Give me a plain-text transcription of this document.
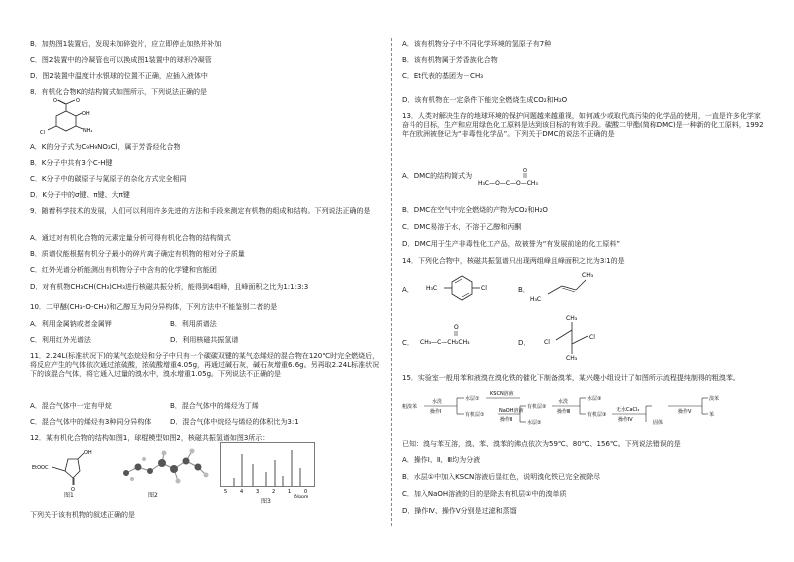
B．加热图1装置后，发现未加碎瓷片，应立即停止加热并补加
C．图2装置中的冷凝管也可以换成图1装置中的球形冷凝管
D．图2装置中温度计水银球的位置不正确，应插入液体中
8．有机化合物K的结构简式如图所示，下列说法正确的是
O
O
OH
NH₂
Cl
A．K的分子式为C₉H₉NO₃Cl，属于芳香烃化合物
B．K分子中共有3个C-H键
C．K分子中的碳原子与氮原子的杂化方式完全相同
D．K分子中的σ键、π键、大π键
9．随着科学技术的发展，人们可以利用许多先进的方法和手段来测定有机物的组成和结构。下列说法正确的是
A．通过对有机化合物的元素定量分析可得有机化合物的结构简式
B．质谱仪能根据有机分子最小的碎片离子确定有机物的相对分子质量
C．红外光谱分析能测出有机物分子中含有的化学键和官能团
D．对有机物CH₃CH(CH₃)CH₃进行核磁共振分析，能得到4组峰，且峰面积之比为1:1:3:3
10．二甲醚(CH₃-O-CH₃)和乙醇互为同分异构体，下列方法中不能鉴别二者的是
A．利用金属钠或者金属钾	B．利用质谱法
C．利用红外光谱法	D．利用核磁共振氢谱
11．2.24L(标准状况下)的某气态烷烃和分子中只有一个碳碳双键的某气态烯烃的混合物在120℃时完全燃烧后，将反应产生的气体依次通过浓硫酸，浓硫酸增重4.05g，再通过碱石灰，碱石灰增重6.6g。另再取2.24L标准状况下的该混合气体，将它通入过量的溴水中，溴水增重1.05g。下列说法不正确的是
A．混合气体中一定有甲烷	B．混合气体中的烯烃为丁烯
C．混合气体中的烯烃有3种同分异构体	D．混合气体中烷烃与烯烃的体积比为3:1
12．某有机化合物的结构如图1，球棍模型如图2，核磁共振氢谱如图3所示：
EtOOC
OH
O
图1	图2	5	4	3	2	1	0
δ/ppm
图3
下列关于该有机物的叙述正确的是
A．该有机物分子中不同化学环境的氢原子有7种
B．该有机物属于芳香族化合物
C．Et代表的基团为－CH₃
D．该有机物在一定条件下能完全燃烧生成CO₂和H₂O
13．人类对解决生存的地球环境的保护问题越来越重视，如何减少或取代高污染的化学品的使用，一直是许多化学家奋斗的目标，生产和应用绿色化工原料是达到该目标的有效手段。碳酸二甲酯(简称DMC)是一种新的化工原料，1992年在欧洲被登记为“非毒性化学品”。下列关于DMC的说法不正确的是
A．DMC的结构简式为
O
H₃C—O—C—O—CH₃
B．DMC在空气中完全燃烧的产物为CO₂和H₂O
C．DMC易溶于水，不溶于乙醇和丙酮
D．DMC用于生产非毒性化工产品，故被誉为“有发展前途的化工原料”
14．下列化合物中，核磁共振氢谱只出现两组峰且峰面积之比为3∶1的是
A． H₃C	Cl	B．
H₃C
CH₃
C．
O
CH₃—C—CH₂CH₃	D．
CH₃
Cl
Cl
CH₃
15．实验室一般用苯和液溴在溴化铁的催化下制备溴苯，某兴趣小组设计了如图所示流程提纯制得的粗溴苯。
粗溴苯
水洗
操作Ⅰ
水层①
KSCN溶液
有机层①
NaOH溶液
操作Ⅱ
有机层②
水层②
水洗
操作Ⅲ
水层③
有机层③
无水CaCl₂
操作Ⅳ	固体
操作Ⅴ
溴苯
苯
已知：溴与苯互溶，溴、苯、溴苯的沸点依次为59℃、80℃、156℃。下列说法错误的是
A．操作Ⅰ、Ⅱ、Ⅲ均为分液
B．水层①中加入KSCN溶液后显红色，说明溴化铁已完全被除尽
C．加入NaOH溶液的目的是除去有机层①中的溴单质
D．操作Ⅳ、操作Ⅴ分别是过滤和蒸馏
